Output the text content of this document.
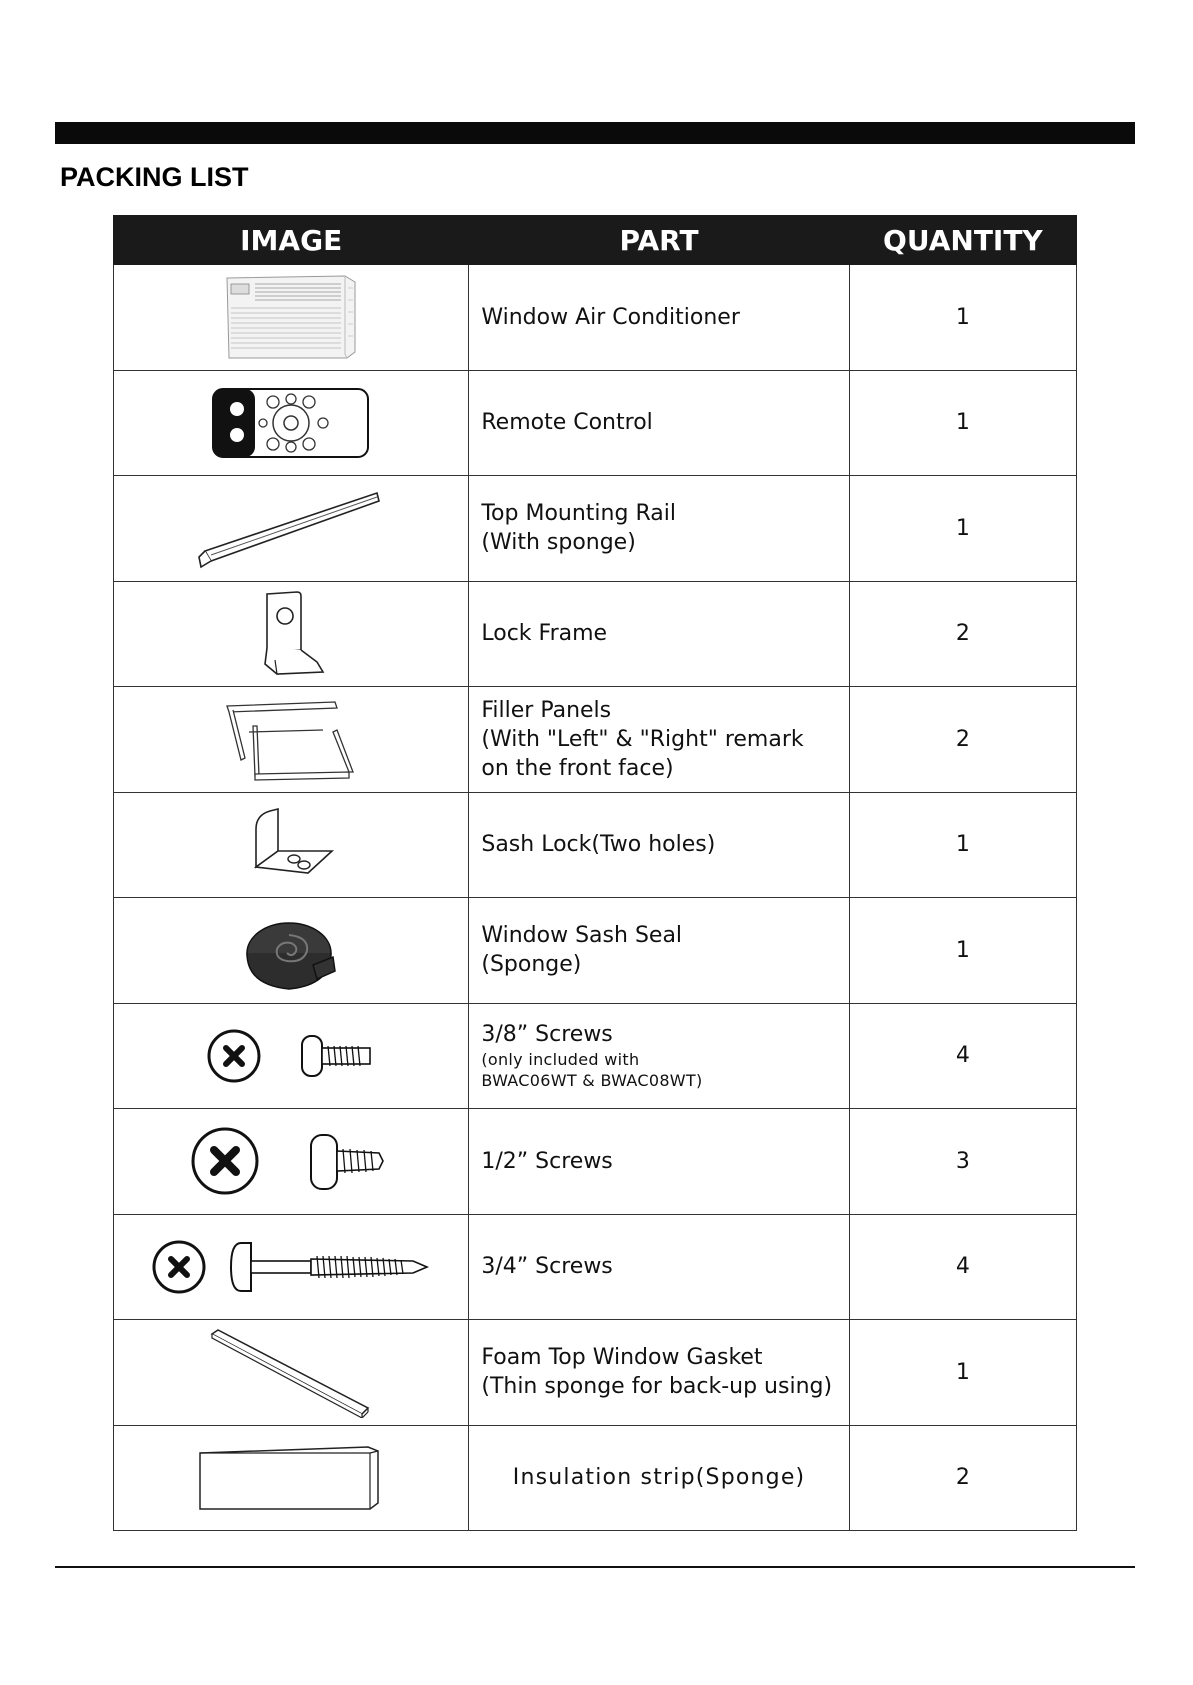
PACKING LIST
IMAGE	PART	QUANTITY

Window Air Conditioner	1

Remote Control	1

Top Mounting Rail
(With sponge)	1

Lock Frame	2

Filler Panels
(With "Left" & "Right" remark
on the front face)	2

Sash Lock(Two holes)	1

Window Sash Seal
(Sponge)	1

3/8” Screws
(only included with
BWAC06WT & BWAC08WT)	4

1/2” Screws	3

3/4” Screws	4

Foam Top Window Gasket
(Thin sponge for back-up using)	1

Insulation strip(Sponge)	2
